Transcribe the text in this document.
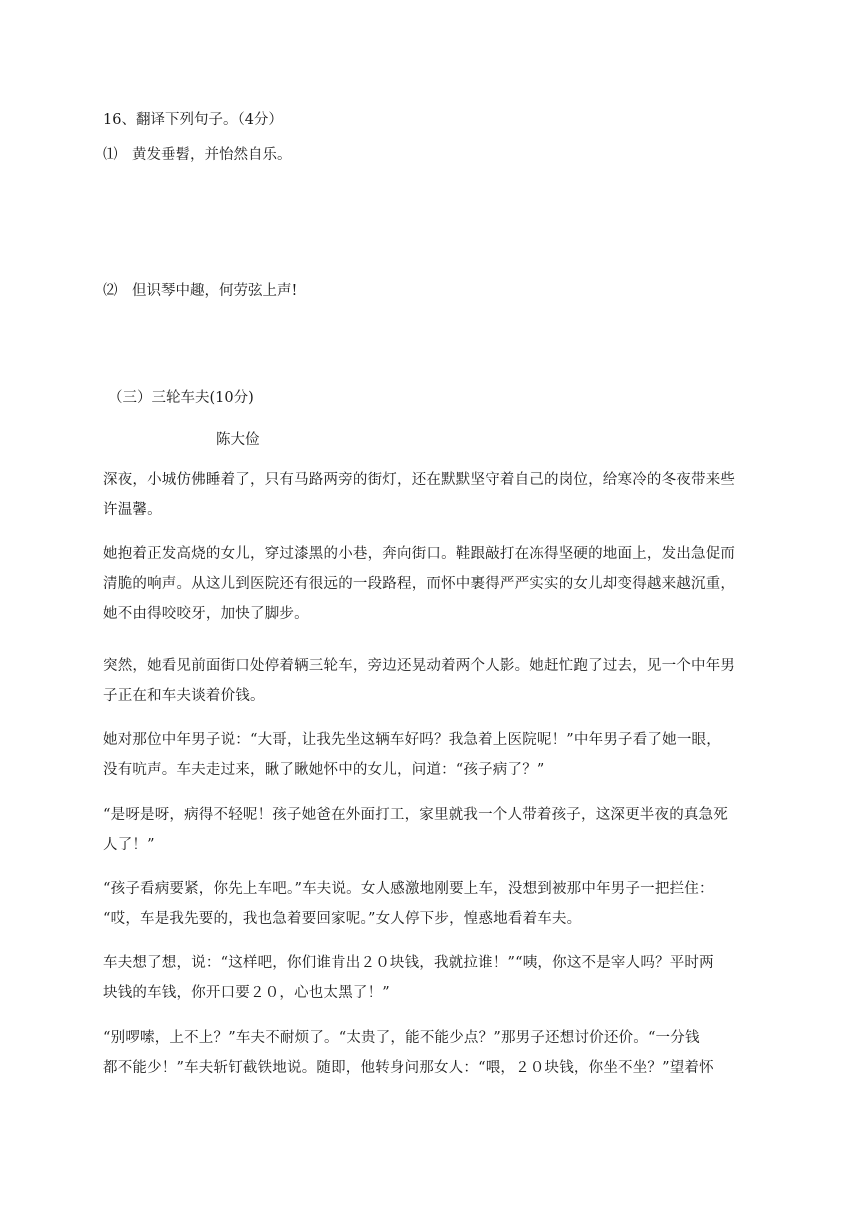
16、翻译下列句子。（4分）
⑴　黄发垂髫，并怡然自乐。
⑵　但识琴中趣，何劳弦上声!
（三）三轮车夫(10分)
陈大俭
深夜，小城仿佛睡着了，只有马路两旁的街灯，还在默默坚守着自己的岗位，给寒冷的冬夜带来些
许温馨。
她抱着正发高烧的女儿，穿过漆黑的小巷，奔向街口。鞋跟敲打在冻得坚硬的地面上，发出急促而
清脆的响声。从这儿到医院还有很远的一段路程，而怀中裹得严严实实的女儿却变得越来越沉重，
她不由得咬咬牙，加快了脚步。
突然，她看见前面街口处停着辆三轮车，旁边还晃动着两个人影。她赶忙跑了过去，见一个中年男
子正在和车夫谈着价钱。
她对那位中年男子说：“大哥，让我先坐这辆车好吗？我急着上医院呢！”中年男子看了她一眼，
没有吭声。车夫走过来，瞅了瞅她怀中的女儿，问道：“孩子病了？”
“是呀是呀，病得不轻呢！孩子她爸在外面打工，家里就我一个人带着孩子，这深更半夜的真急死
人了！”
“孩子看病要紧，你先上车吧。”车夫说。女人感激地刚要上车，没想到被那中年男子一把拦住：
“哎，车是我先要的，我也急着要回家呢。”女人停下步，惶惑地看着车夫。
车夫想了想，说：“这样吧，你们谁肯出２０块钱，我就拉谁！”“咦，你这不是宰人吗？平时两
块钱的车钱，你开口要２０，心也太黑了！”
“别啰嗦，上不上？”车夫不耐烦了。“太贵了，能不能少点？”那男子还想讨价还价。“一分钱
都不能少！”车夫斩钉截铁地说。随即，他转身问那女人：“喂，２０块钱，你坐不坐？”望着怀
